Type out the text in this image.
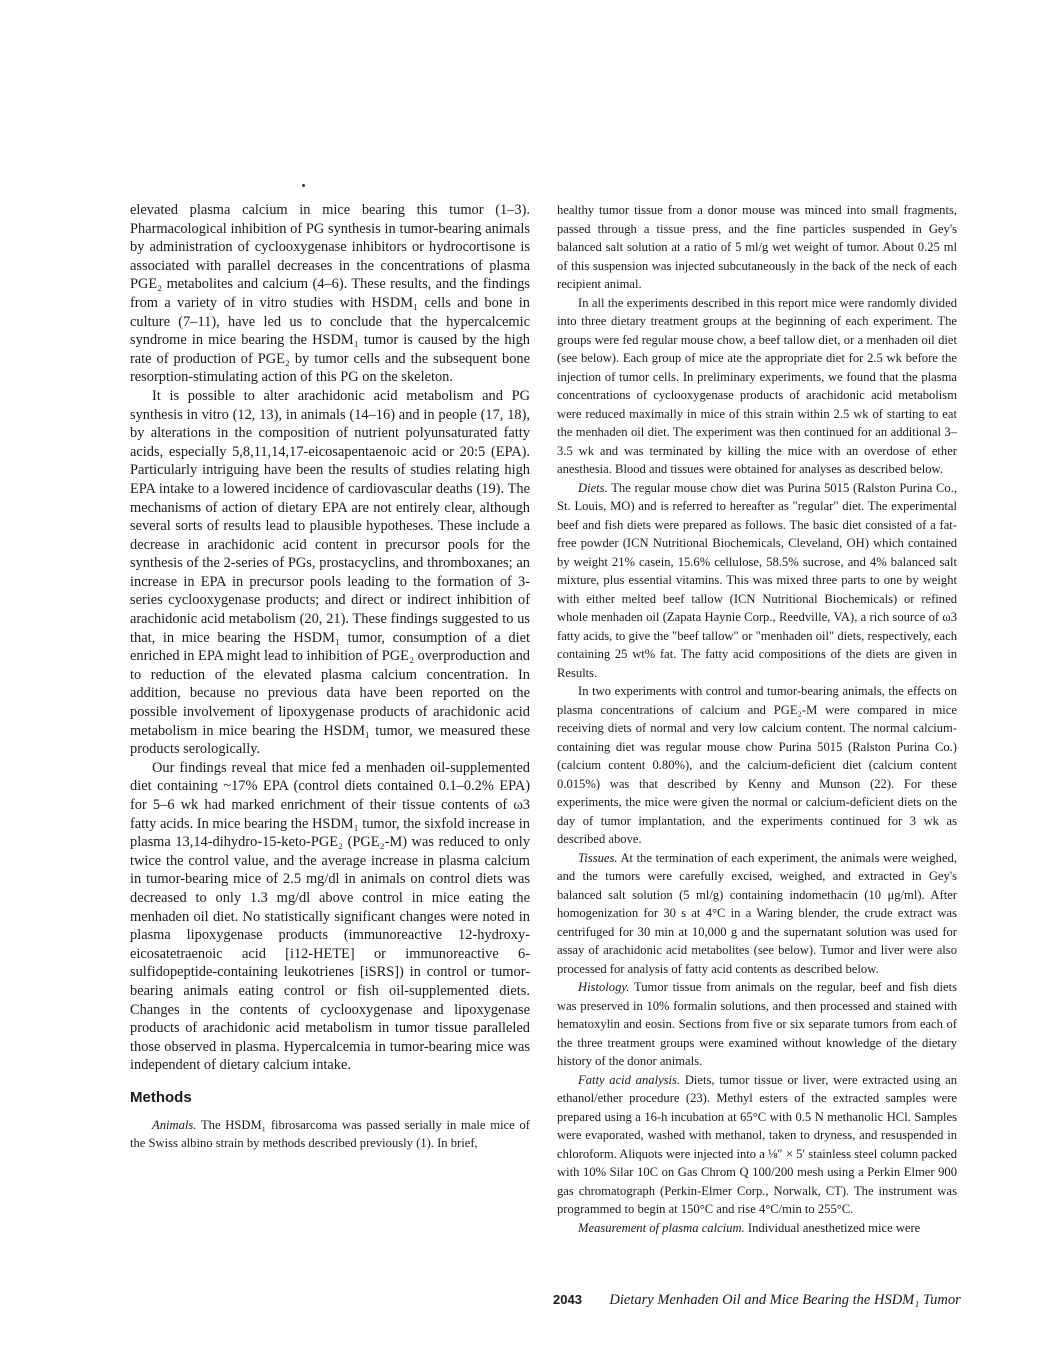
elevated plasma calcium in mice bearing this tumor (1–3). Pharmacological inhibition of PG synthesis in tumor-bearing animals by administration of cyclooxygenase inhibitors or hydrocortisone is associated with parallel decreases in the concentrations of plasma PGE₂ metabolites and calcium (4–6). These results, and the findings from a variety of in vitro studies with HSDM₁ cells and bone in culture (7–11), have led us to conclude that the hypercalcemic syndrome in mice bearing the HSDM₁ tumor is caused by the high rate of production of PGE₂ by tumor cells and the subsequent bone resorption-stimulating action of this PG on the skeleton.

It is possible to alter arachidonic acid metabolism and PG synthesis in vitro (12, 13), in animals (14–16) and in people (17, 18), by alterations in the composition of nutrient polyunsaturated fatty acids, especially 5,8,11,14,17-eicosapentaenoic acid or 20:5 (EPA). Particularly intriguing have been the results of studies relating high EPA intake to a lowered incidence of cardiovascular deaths (19). The mechanisms of action of dietary EPA are not entirely clear, although several sorts of results lead to plausible hypotheses. These include a decrease in arachidonic acid content in precursor pools for the synthesis of the 2-series of PGs, prostacyclins, and thromboxanes; an increase in EPA in precursor pools leading to the formation of 3-series cyclooxygenase products; and direct or indirect inhibition of arachidonic acid metabolism (20, 21). These findings suggested to us that, in mice bearing the HSDM₁ tumor, consumption of a diet enriched in EPA might lead to inhibition of PGE₂ overproduction and to reduction of the elevated plasma calcium concentration. In addition, because no previous data have been reported on the possible involvement of lipoxygenase products of arachidonic acid metabolism in mice bearing the HSDM₁ tumor, we measured these products serologically.

Our findings reveal that mice fed a menhaden oil-supplemented diet containing ~17% EPA (control diets contained 0.1–0.2% EPA) for 5–6 wk had marked enrichment of their tissue contents of ω3 fatty acids. In mice bearing the HSDM₁ tumor, the sixfold increase in plasma 13,14-dihydro-15-keto-PGE₂ (PGE₂-M) was reduced to only twice the control value, and the average increase in plasma calcium in tumor-bearing mice of 2.5 mg/dl in animals on control diets was decreased to only 1.3 mg/dl above control in mice eating the menhaden oil diet. No statistically significant changes were noted in plasma lipoxygenase products (immunoreactive 12-hydroxy-eicosatetraenoic acid [i12-HETE] or immunoreactive 6-sulfidopeptide-containing leukotrienes [iSRS]) in control or tumor-bearing animals eating control or fish oil-supplemented diets. Changes in the contents of cyclooxygenase and lipoxygenase products of arachidonic acid metabolism in tumor tissue paralleled those observed in plasma. Hypercalcemia in tumor-bearing mice was independent of dietary calcium intake.

Methods

Animals. The HSDM₁ fibrosarcoma was passed serially in male mice of the Swiss albino strain by methods described previously (1). In brief,

healthy tumor tissue from a donor mouse was minced into small fragments, passed through a tissue press, and the fine particles suspended in Gey's balanced salt solution at a ratio of 5 ml/g wet weight of tumor. About 0.25 ml of this suspension was injected subcutaneously in the back of the neck of each recipient animal.

In all the experiments described in this report mice were randomly divided into three dietary treatment groups at the beginning of each experiment. The groups were fed regular mouse chow, a beef tallow diet, or a menhaden oil diet (see below). Each group of mice ate the appropriate diet for 2.5 wk before the injection of tumor cells. In preliminary experiments, we found that the plasma concentrations of cyclooxygenase products of arachidonic acid metabolism were reduced maximally in mice of this strain within 2.5 wk of starting to eat the menhaden oil diet. The experiment was then continued for an additional 3–3.5 wk and was terminated by killing the mice with an overdose of ether anesthesia. Blood and tissues were obtained for analyses as described below.

Diets. The regular mouse chow diet was Purina 5015 (Ralston Purina Co., St. Louis, MO) and is referred to hereafter as "regular" diet. The experimental beef and fish diets were prepared as follows. The basic diet consisted of a fat-free powder (ICN Nutritional Biochemicals, Cleveland, OH) which contained by weight 21% casein, 15.6% cellulose, 58.5% sucrose, and 4% balanced salt mixture, plus essential vitamins. This was mixed three parts to one by weight with either melted beef tallow (ICN Nutritional Biochemicals) or refined whole menhaden oil (Zapata Haynie Corp., Reedville, VA), a rich source of ω3 fatty acids, to give the "beef tallow" or "menhaden oil" diets, respectively, each containing 25 wt% fat. The fatty acid compositions of the diets are given in Results.

In two experiments with control and tumor-bearing animals, the effects on plasma concentrations of calcium and PGE₂-M were compared in mice receiving diets of normal and very low calcium content. The normal calcium-containing diet was regular mouse chow Purina 5015 (Ralston Purina Co.) (calcium content 0.80%), and the calcium-deficient diet (calcium content 0.015%) was that described by Kenny and Munson (22). For these experiments, the mice were given the normal or calcium-deficient diets on the day of tumor implantation, and the experiments continued for 3 wk as described above.

Tissues. At the termination of each experiment, the animals were weighed, and the tumors were carefully excised, weighed, and extracted in Gey's balanced salt solution (5 ml/g) containing indomethacin (10 μg/ml). After homogenization for 30 s at 4°C in a Waring blender, the crude extract was centrifuged for 30 min at 10,000 g and the supernatant solution was used for assay of arachidonic acid metabolites (see below). Tumor and liver were also processed for analysis of fatty acid contents as described below.

Histology. Tumor tissue from animals on the regular, beef and fish diets was preserved in 10% formalin solutions, and then processed and stained with hematoxylin and eosin. Sections from five or six separate tumors from each of the three treatment groups were examined without knowledge of the dietary history of the donor animals.

Fatty acid analysis. Diets, tumor tissue or liver, were extracted using an ethanol/ether procedure (23). Methyl esters of the extracted samples were prepared using a 16-h incubation at 65°C with 0.5 N methanolic HCl. Samples were evaporated, washed with methanol, taken to dryness, and resuspended in chloroform. Aliquots were injected into a ⅛″ × 5′ stainless steel column packed with 10% Silar 10C on Gas Chrom Q 100/200 mesh using a Perkin Elmer 900 gas chromatograph (Perkin-Elmer Corp., Norwalk, CT). The instrument was programmed to begin at 150°C and rise 4°C/min to 255°C.

Measurement of plasma calcium. Individual anesthetized mice were

2043 Dietary Menhaden Oil and Mice Bearing the HSDM₁ Tumor
